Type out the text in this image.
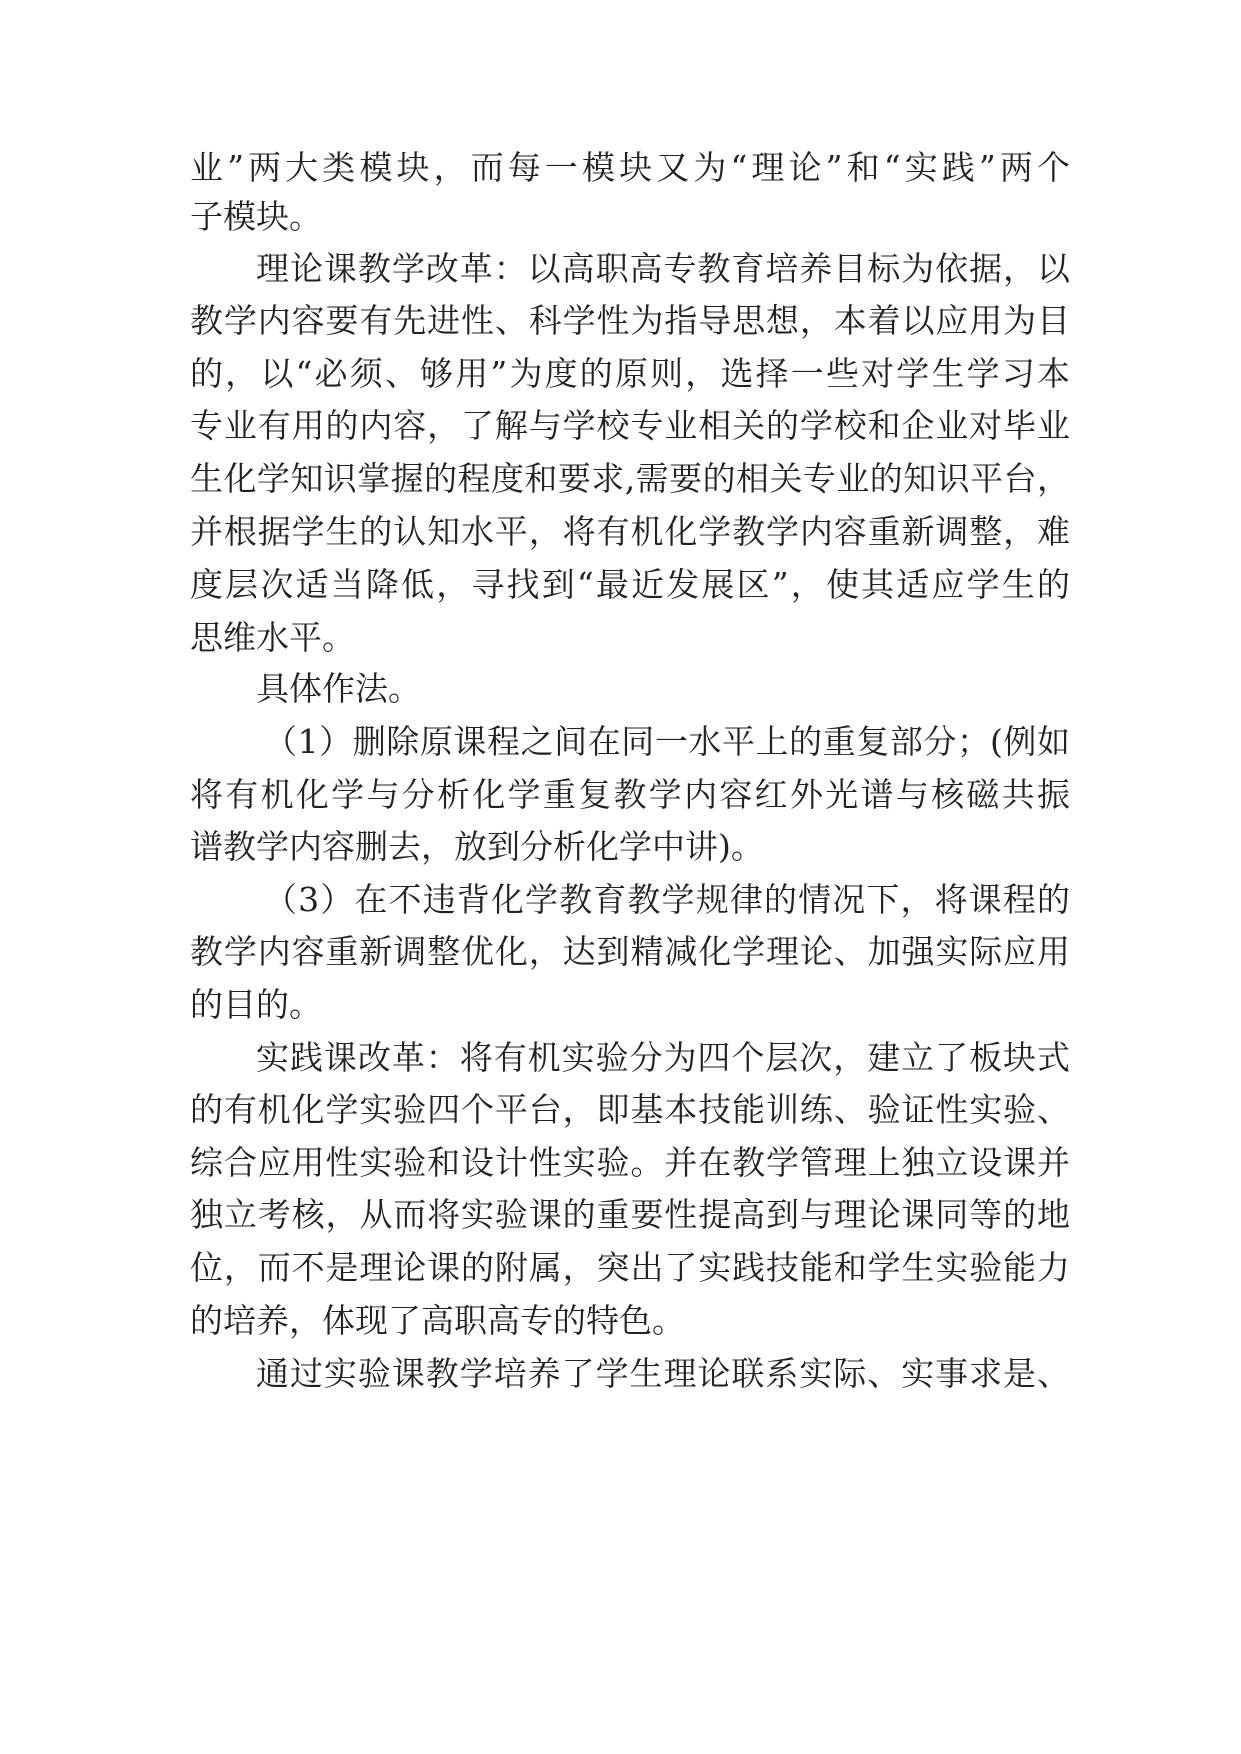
业”两大类模块，而每一模块又为“理论”和“实践”两个
子模块。
理论课教学改革：以高职高专教育培养目标为依据，以
教学内容要有先进性、科学性为指导思想，本着以应用为目
的，以“必须、够用”为度的原则，选择一些对学生学习本
专业有用的内容，了解与学校专业相关的学校和企业对毕业
生化学知识掌握的程度和要求,需要的相关专业的知识平台，
并根据学生的认知水平，将有机化学教学内容重新调整，难
度层次适当降低，寻找到“最近发展区”，使其适应学生的
思维水平。
具体作法。
（1）删除原课程之间在同一水平上的重复部分；(例如
将有机化学与分析化学重复教学内容红外光谱与核磁共振
谱教学内容删去，放到分析化学中讲)。
（3）在不违背化学教育教学规律的情况下，将课程的
教学内容重新调整优化，达到精减化学理论、加强实际应用
的目的。
实践课改革：将有机实验分为四个层次，建立了板块式
的有机化学实验四个平台，即基本技能训练、验证性实验、
综合应用性实验和设计性实验。并在教学管理上独立设课并
独立考核，从而将实验课的重要性提高到与理论课同等的地
位，而不是理论课的附属，突出了实践技能和学生实验能力
的培养，体现了高职高专的特色。
通过实验课教学培养了学生理论联系实际、实事求是、
